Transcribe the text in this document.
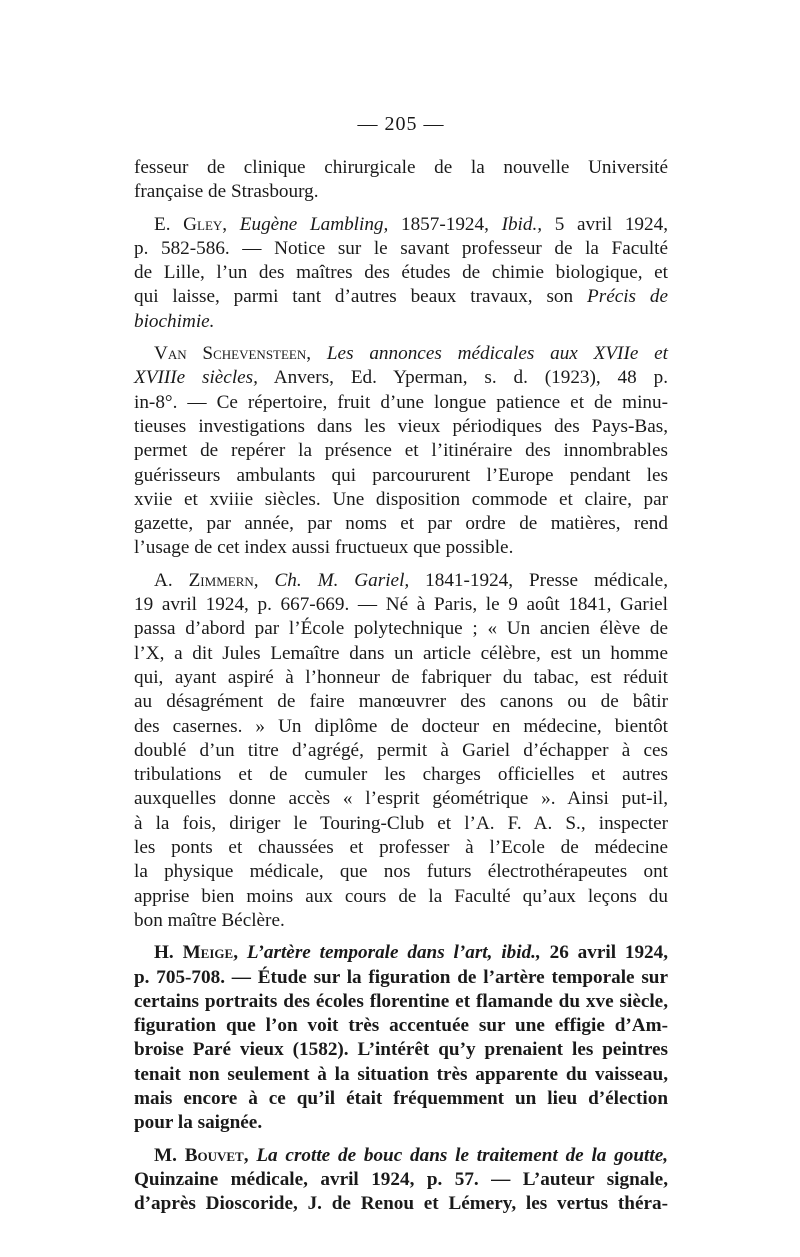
— 205 —

fesseur de clinique chirurgicale de la nouvelle Université
française de Strasbourg.

E. Gley, Eugène Lambling, 1857-1924, Ibid., 5 avril 1924,
p. 582-586. — Notice sur le savant professeur de la Faculté
de Lille, l’un des maîtres des études de chimie biologique, et
qui laisse, parmi tant d’autres beaux travaux, son Précis de
biochimie.

Van Schevensteen, Les annonces médicales aux XVIIe et
XVIIIe siècles, Anvers, Ed. Yperman, s. d. (1923), 48 p.
in-8°. — Ce répertoire, fruit d’une longue patience et de minu-
tieuses investigations dans les vieux périodiques des Pays-Bas,
permet de repérer la présence et l’itinéraire des innombrables
guérisseurs ambulants qui parcoururent l’Europe pendant les
xviie et xviiie siècles. Une disposition commode et claire, par
gazette, par année, par noms et par ordre de matières, rend
l’usage de cet index aussi fructueux que possible.

A. Zimmern, Ch. M. Gariel, 1841-1924, Presse médicale,
19 avril 1924, p. 667-669. — Né à Paris, le 9 août 1841, Gariel
passa d’abord par l’École polytechnique ; « Un ancien élève de
l’X, a dit Jules Lemaître dans un article célèbre, est un homme
qui, ayant aspiré à l’honneur de fabriquer du tabac, est réduit
au désagrément de faire manœuvrer des canons ou de bâtir
des casernes. » Un diplôme de docteur en médecine, bientôt
doublé d’un titre d’agrégé, permit à Gariel d’échapper à ces
tribulations et de cumuler les charges officielles et autres
auxquelles donne accès « l’esprit géométrique ». Ainsi put-il,
à la fois, diriger le Touring-Club et l’A. F. A. S., inspecter
les ponts et chaussées et professer à l’Ecole de médecine
la physique médicale, que nos futurs électrothérapeutes ont
apprise bien moins aux cours de la Faculté qu’aux leçons du
bon maître Béclère.

H. Meige, L’artère temporale dans l’art, ibid., 26 avril 1924,
p. 705-708. — Étude sur la figuration de l’artère temporale sur
certains portraits des écoles florentine et flamande du xve siècle,
figuration que l’on voit très accentuée sur une effigie d’Am-
broise Paré vieux (1582). L’intérêt qu’y prenaient les peintres
tenait non seulement à la situation très apparente du vaisseau,
mais encore à ce qu’il était fréquemment un lieu d’élection
pour la saignée.

M. Bouvet, La crotte de bouc dans le traitement de la goutte,
Quinzaine médicale, avril 1924, p. 57. — L’auteur signale,
d’après Dioscoride, J. de Renou et Lémery, les vertus théra-
